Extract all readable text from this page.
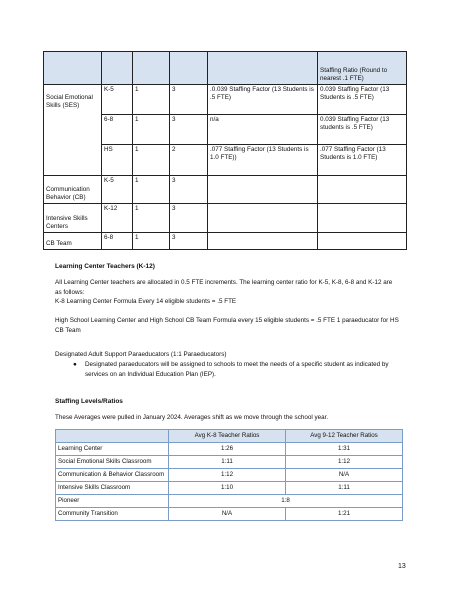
					Staffing Ratio (Round to nearest .1 FTE)
Social Emotional Skills (SES)	K-5	1	3	.0.039 Staffing Factor (13 Students is .5 FTE)	0.039 Staffing Factor (13 Students is .5 FTE)
	6-8	1	3	n/a	0.039 Staffing Factor (13 students is .5 FTE)
	HS	1	2	.077 Staffing Factor (13 Students is 1.0 FTE))	.077 Staffing Factor (13 Students is 1.0 FTE)
Communication Behavior (CB)	K-5	1	3		
Intensive Skills Centers	K-12	1	3		
CB Team	6-8	1	3		
Learning Center Teachers (K-12)
All Learning Center teachers are allocated in 0.5 FTE increments. The learning center ratio for K-5, K-8, 6-8 and K-12 are as follows:
K-8 Learning Center Formula Every 14 eligible students = .5 FTE
High School Learning Center and High School CB Team Formula every 15 eligible students = .5 FTE 1 paraeducator for HS CB Team
Designated Adult Support Paraeducators (1:1 Paraeducators)
● Designated paraeducators will be assigned to schools to meet the needs of a specific student as indicated by services on an Individual Education Plan (IEP).
Staffing Levels/Ratios
These Averages were pulled in January 2024. Averages shift as we move through the school year.
	Avg K-8 Teacher Ratios	Avg 9-12 Teacher Ratios
Learning Center	1:26	1:31
Social Emotional Skills Classroom	1:11	1:12
Communication & Behavior Classroom	1:12	N/A
Intensive Skills Classroom	1:10	1:11
Pioneer	1:8	
Community Transition	N/A	1:21
13
